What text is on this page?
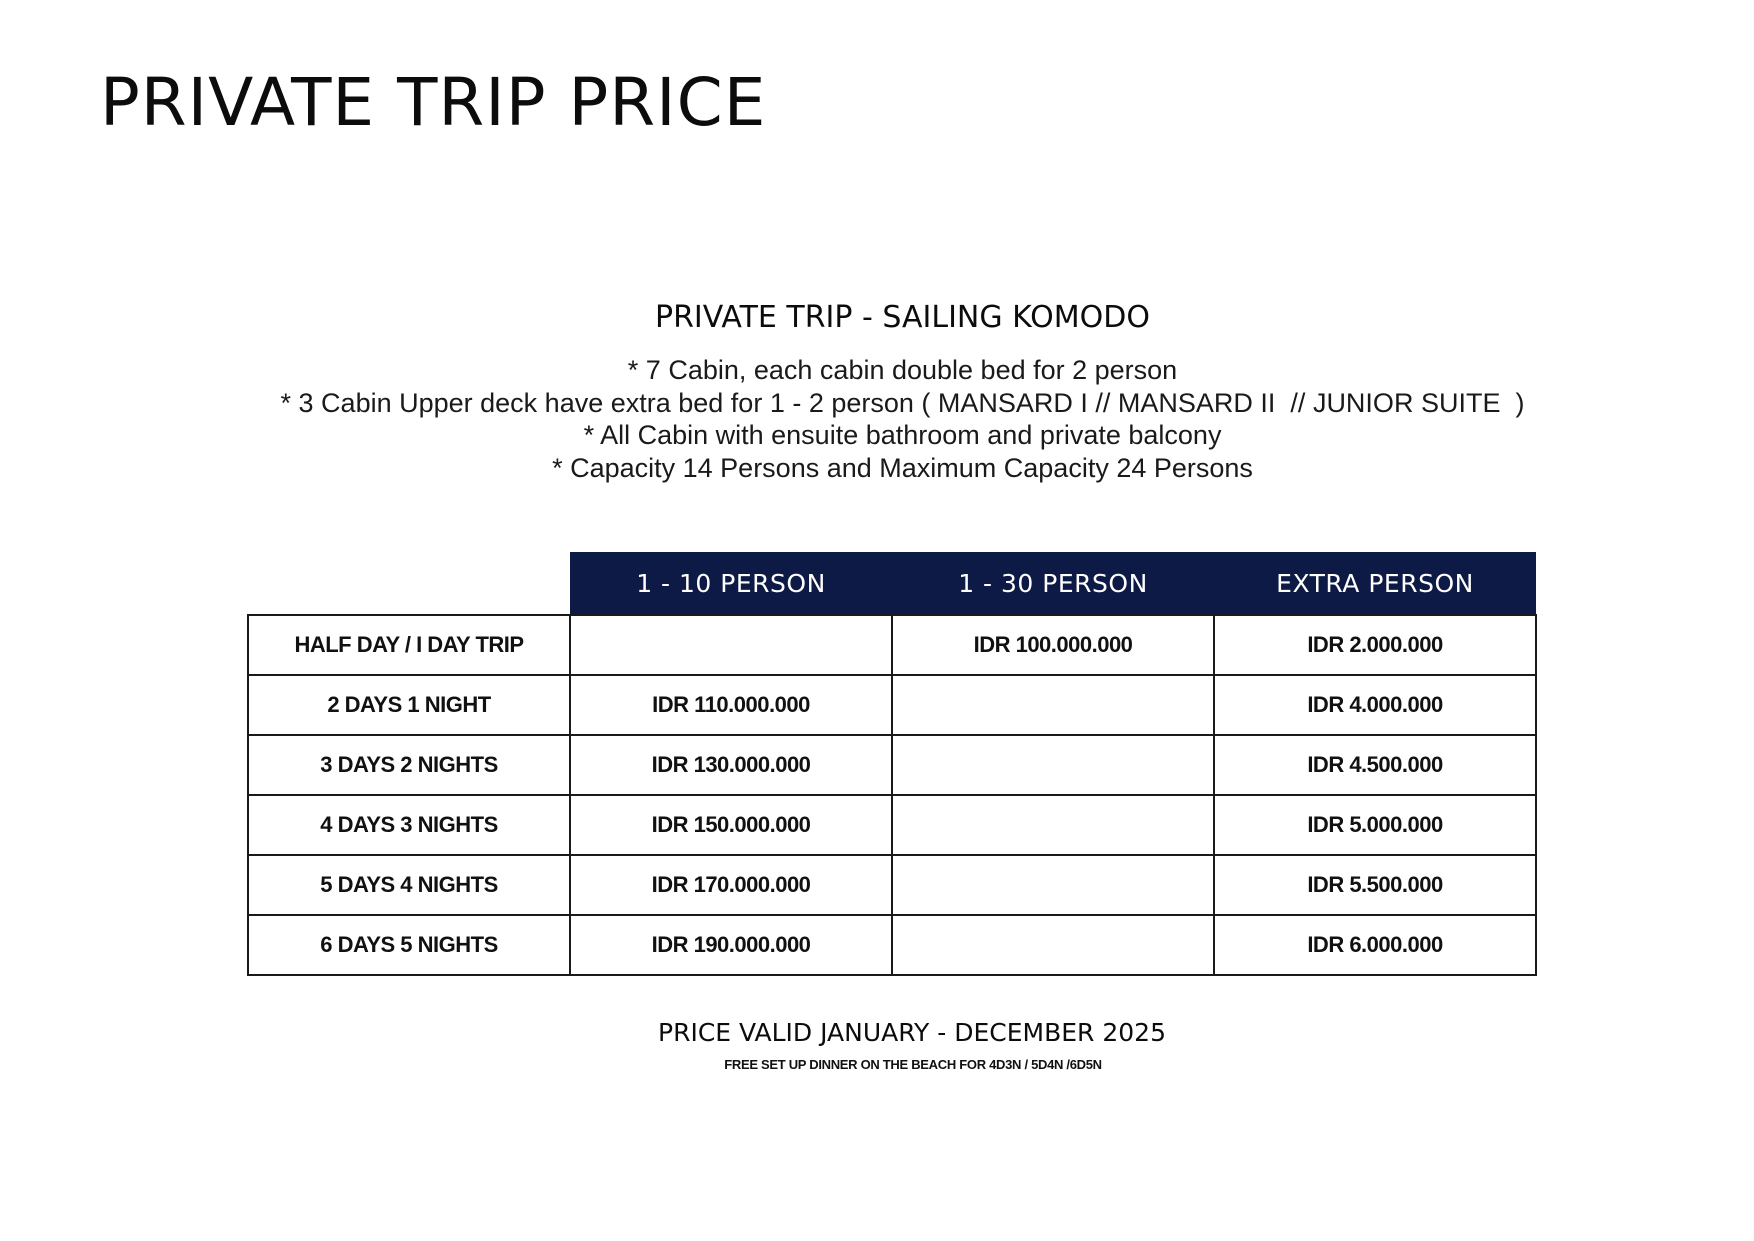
PRIVATE TRIP PRICE
PRIVATE TRIP - SAILING KOMODO
* 7 Cabin, each cabin double bed for 2 person
* 3 Cabin Upper deck have extra bed for 1 - 2 person ( MANSARD I // MANSARD II  // JUNIOR SUITE  )
* All Cabin with ensuite bathroom and private balcony
* Capacity 14 Persons and Maximum Capacity 24 Persons
	1 - 10 PERSON	1 - 30 PERSON	EXTRA PERSON
HALF DAY / I DAY TRIP		IDR 100.000.000	IDR 2.000.000
2 DAYS 1 NIGHT	IDR 110.000.000		IDR 4.000.000
3 DAYS 2 NIGHTS	IDR 130.000.000		IDR 4.500.000
4 DAYS 3 NIGHTS	IDR 150.000.000		IDR 5.000.000
5 DAYS 4 NIGHTS	IDR 170.000.000		IDR 5.500.000
6 DAYS 5 NIGHTS	IDR 190.000.000		IDR 6.000.000
PRICE VALID JANUARY - DECEMBER 2025
FREE SET UP DINNER ON THE BEACH FOR 4D3N / 5D4N /6D5N
